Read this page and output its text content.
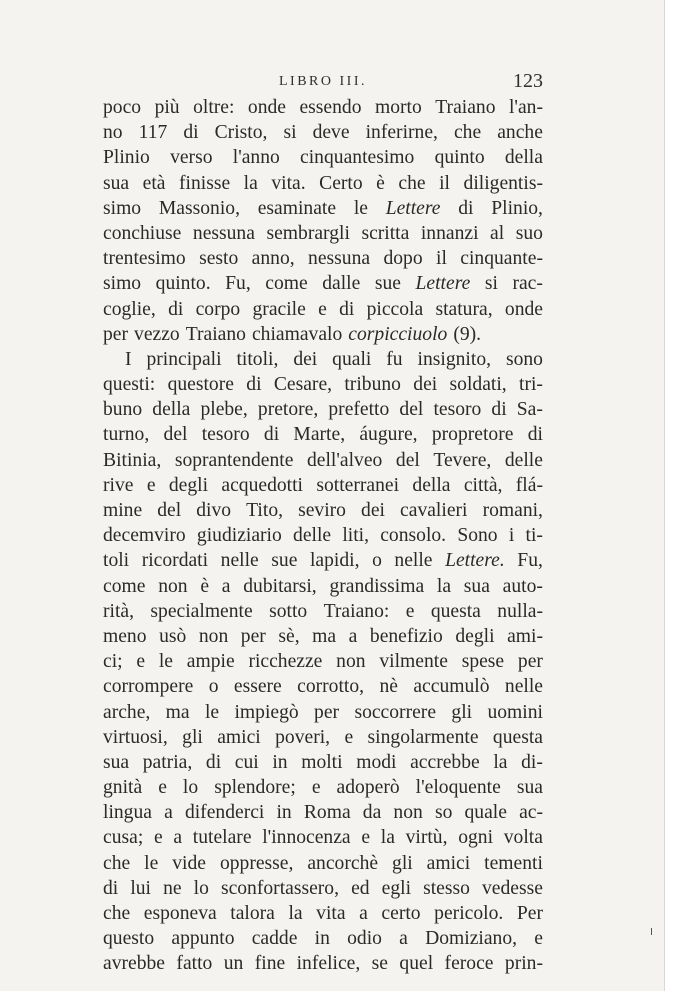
LIBRO III.	123
poco più oltre: onde essendo morto Traiano l'an-
no 117 di Cristo, si deve inferirne, che anche
Plinio verso l'anno cinquantesimo quinto della
sua età finisse la vita. Certo è che il diligentis-
simo Massonio, esaminate le Lettere di Plinio,
conchiuse nessuna sembrargli scritta innanzi al suo
trentesimo sesto anno, nessuna dopo il cinquante-
simo quinto. Fu, come dalle sue Lettere si rac-
coglie, di corpo gracile e di piccola statura, onde
per vezzo Traiano chiamavalo corpicciuolo (9).
I principali titoli, dei quali fu insignito, sono
questi: questore di Cesare, tribuno dei soldati, tri-
buno della plebe, pretore, prefetto del tesoro di Sa-
turno, del tesoro di Marte, áugure, propretore di
Bitinia, soprantendente dell'alveo del Tevere, delle
rive e degli acquedotti sotterranei della città, flá-
mine del divo Tito, seviro dei cavalieri romani,
decemviro giudiziario delle liti, consolo. Sono i ti-
toli ricordati nelle sue lapidi, o nelle Lettere. Fu,
come non è a dubitarsi, grandissima la sua auto-
rità, specialmente sotto Traiano: e questa nulla-
meno usò non per sè, ma a benefizio degli ami-
ci; e le ampie ricchezze non vilmente spese per
corrompere o essere corrotto, nè accumulò nelle
arche, ma le impiegò per soccorrere gli uomini
virtuosi, gli amici poveri, e singolarmente questa
sua patria, di cui in molti modi accrebbe la di-
gnità e lo splendore; e adoperò l'eloquente sua
lingua a difenderci in Roma da non so quale ac-
cusa; e a tutelare l'innocenza e la virtù, ogni volta
che le vide oppresse, ancorchè gli amici tementi
di lui ne lo sconfortassero, ed egli stesso vedesse
che esponeva talora la vita a certo pericolo. Per
questo appunto cadde in odio a Domiziano, e
avrebbe fatto un fine infelice, se quel feroce prin-
